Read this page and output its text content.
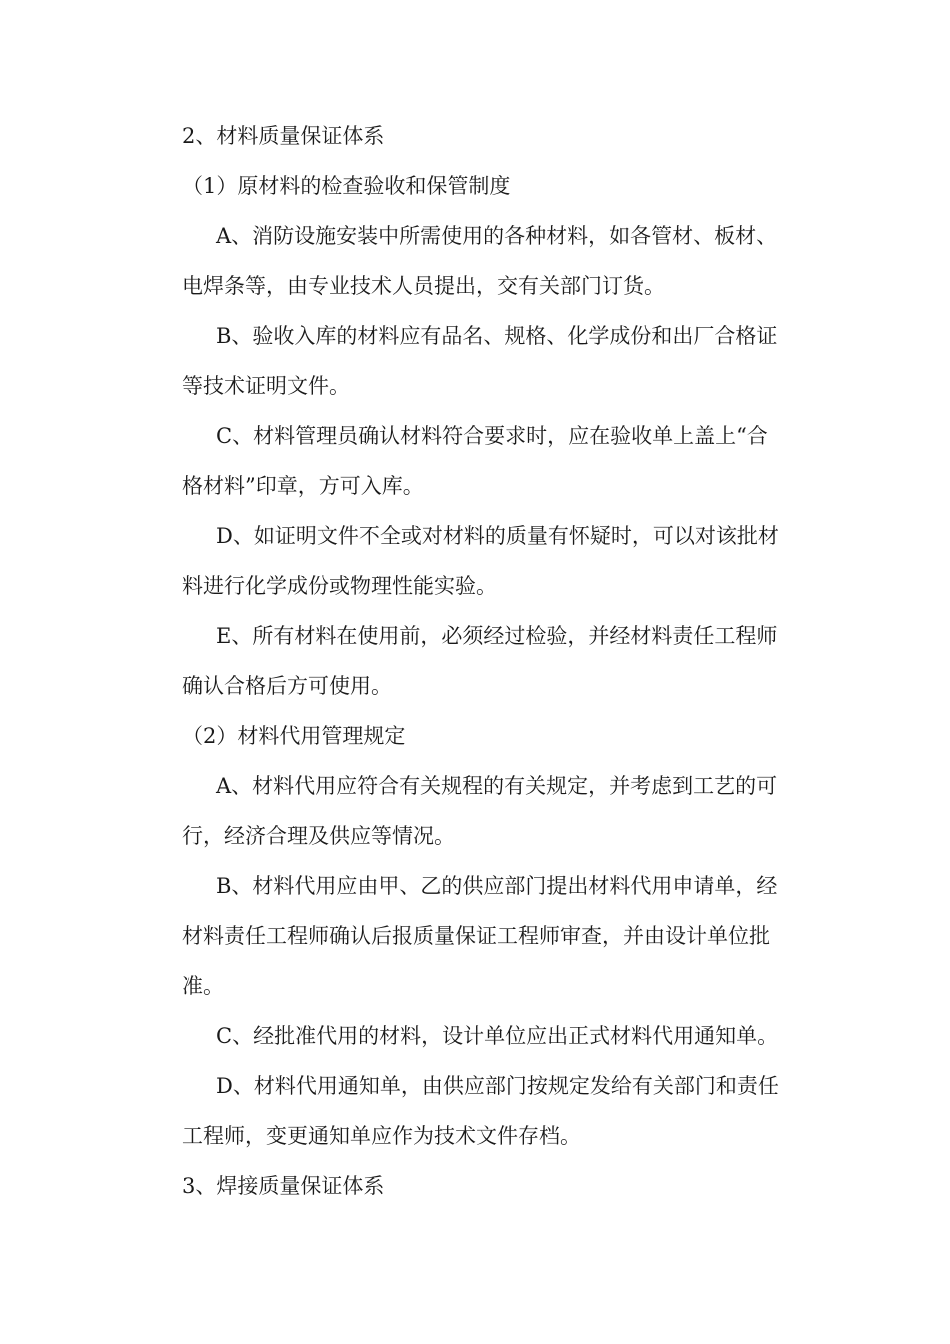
2、材料质量保证体系
（1）原材料的检查验收和保管制度
A、消防设施安装中所需使用的各种材料，如各管材、板材、
电焊条等，由专业技术人员提出，交有关部门订货。
B、验收入库的材料应有品名、规格、化学成份和出厂合格证
等技术证明文件。
C、材料管理员确认材料符合要求时，应在验收单上盖上“合
格材料”印章，方可入库。
D、如证明文件不全或对材料的质量有怀疑时，可以对该批材
料进行化学成份或物理性能实验。
E、所有材料在使用前，必须经过检验，并经材料责任工程师
确认合格后方可使用。
（2）材料代用管理规定
A、材料代用应符合有关规程的有关规定，并考虑到工艺的可
行，经济合理及供应等情况。
B、材料代用应由甲、乙的供应部门提出材料代用申请单，经
材料责任工程师确认后报质量保证工程师审查，并由设计单位批
准。
C、经批准代用的材料，设计单位应出正式材料代用通知单。
D、材料代用通知单，由供应部门按规定发给有关部门和责任
工程师，变更通知单应作为技术文件存档。
3、焊接质量保证体系
